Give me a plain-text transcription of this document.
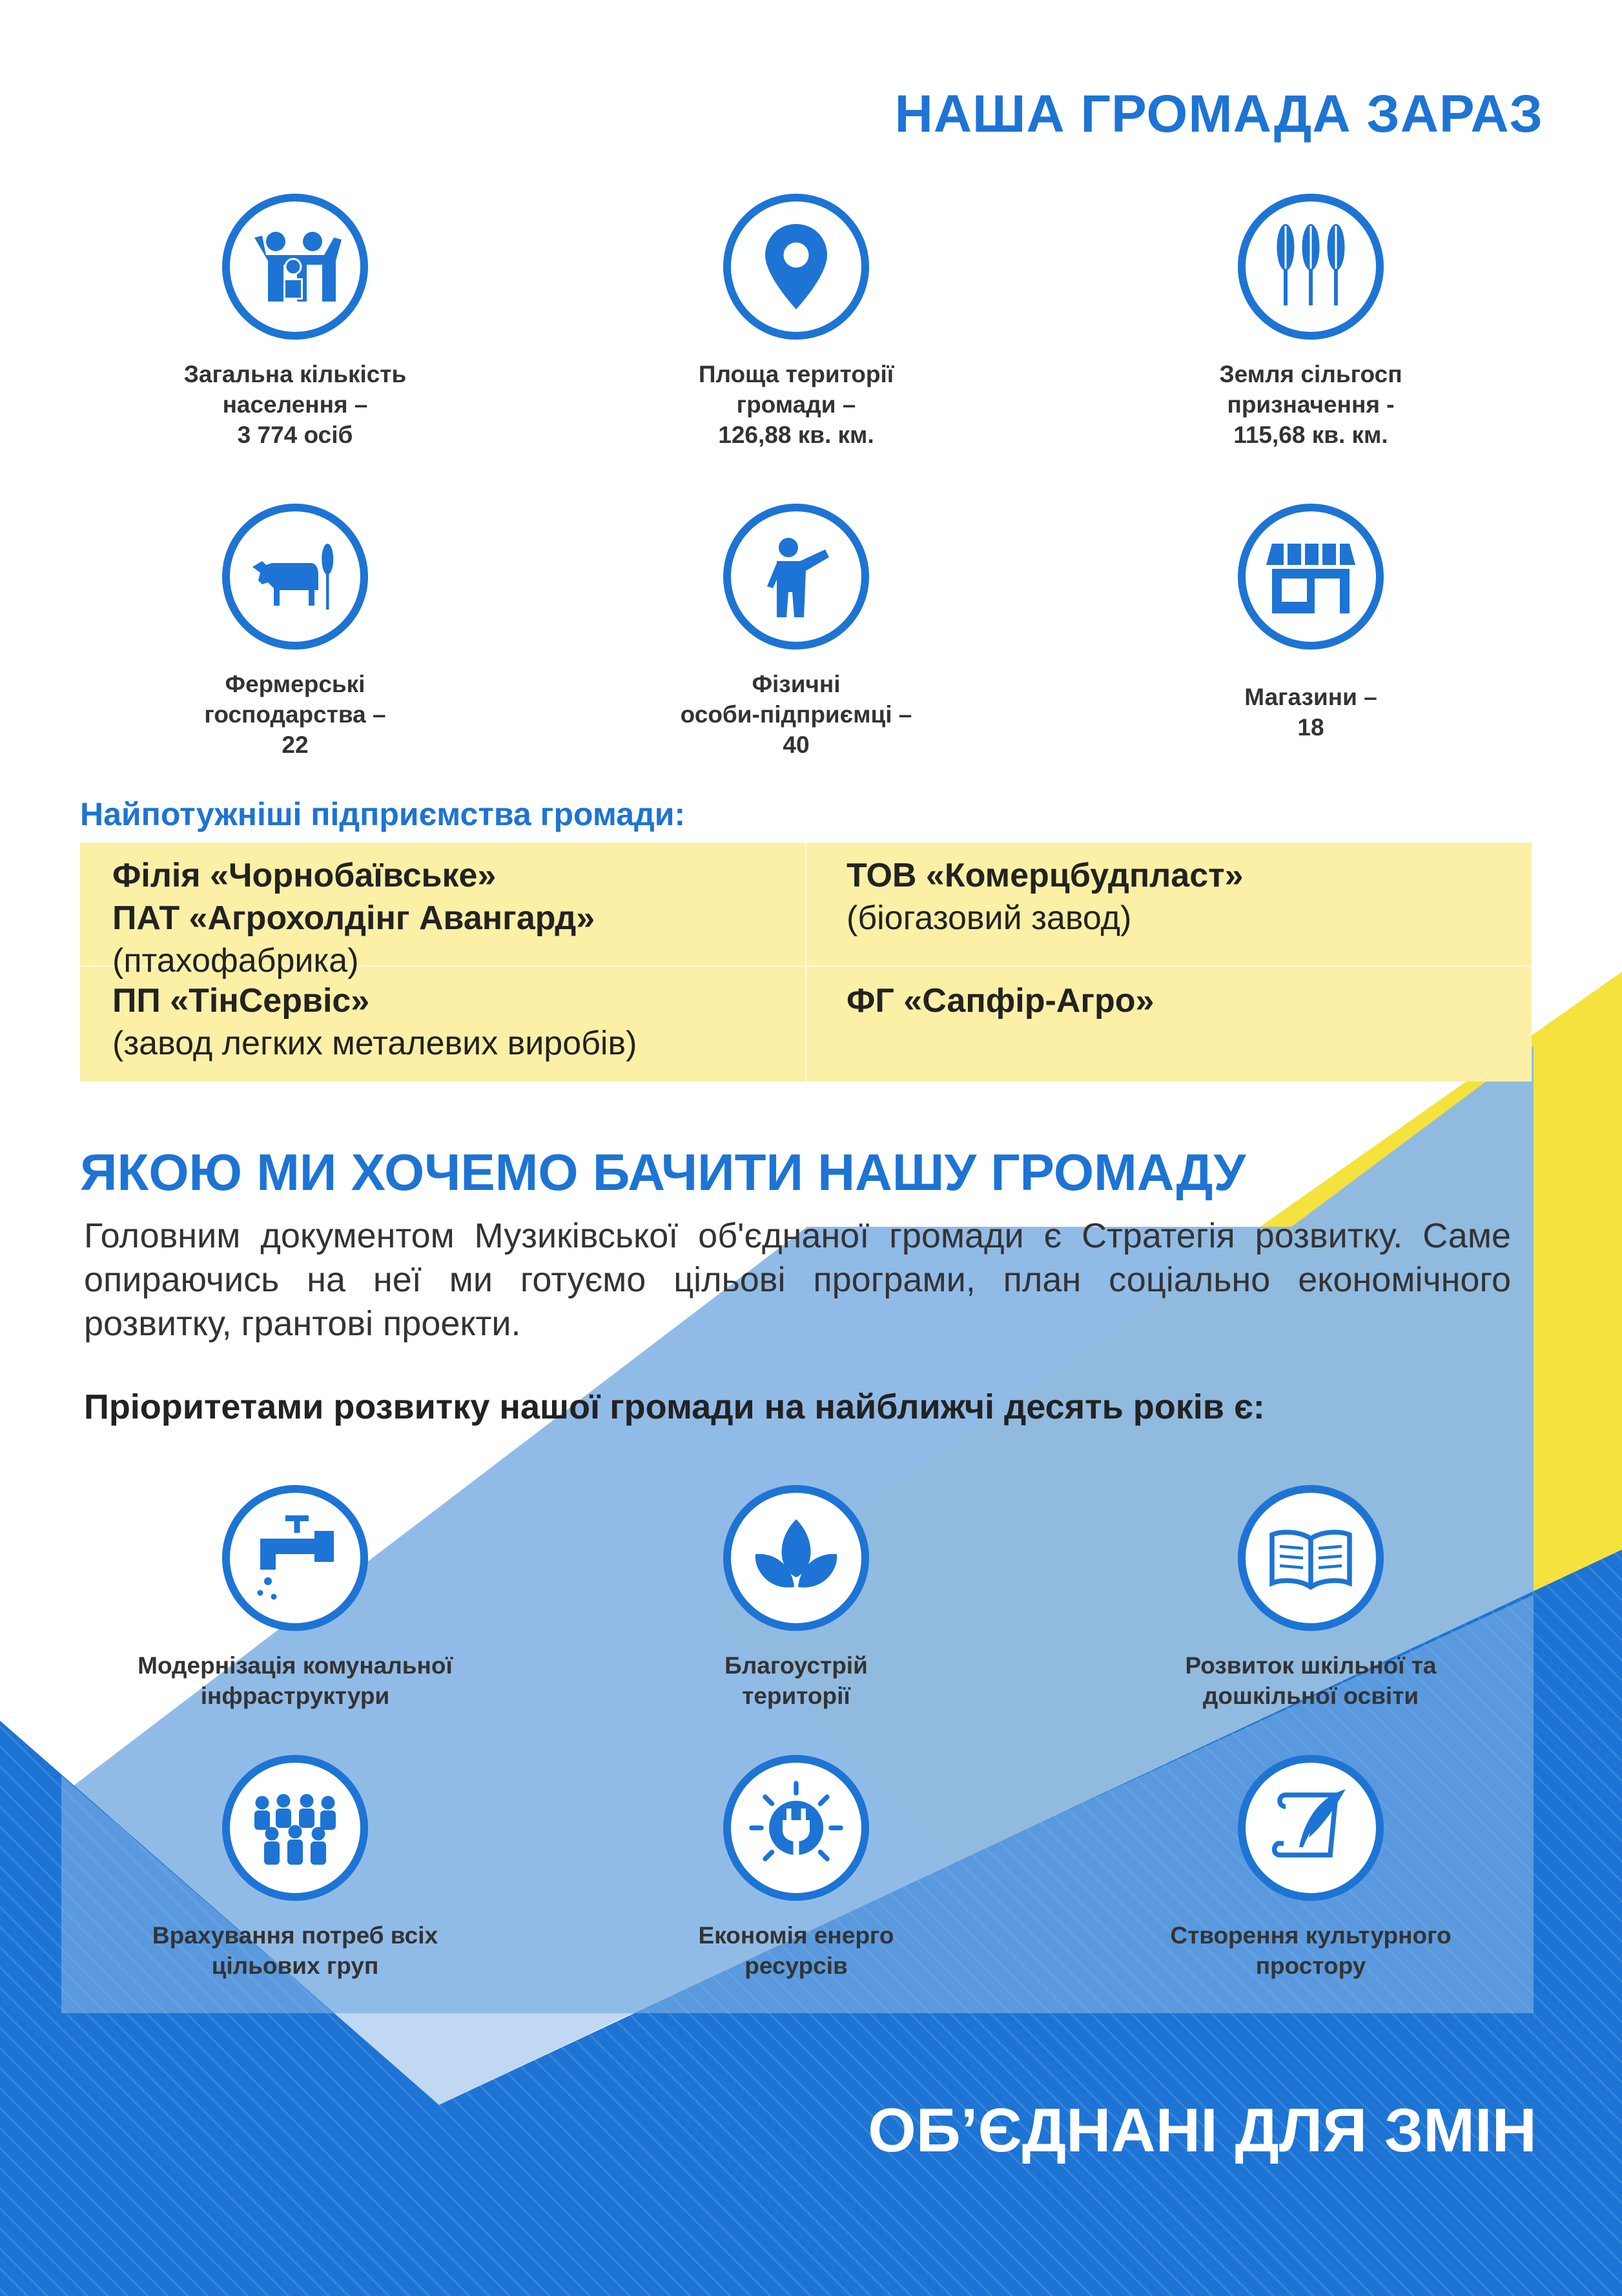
НАША ГРОМАДА ЗАРАЗ
Загальна кількість
населення –
3 774 осіб
Площа території
громади –
126,88 кв. км.
Земля сільгосп
призначення -
115,68 кв. км.
Фермерські
господарства –
22
Фізичні
особи-підприємці –
40
Магазини –
18
Найпотужніші підприємства громади:
Філія «Чорнобаївське»
ПАТ «Агрохолдінг Авангард»
(птахофабрика)
ТОВ «Комерцбудпласт»
(біогазовий завод)
ПП «ТінСервіс»
(завод легких металевих виробів)
ФГ «Сапфір-Агро»
ЯКОЮ МИ ХОЧЕМО БАЧИТИ НАШУ ГРОМАДУ
Головним документом Музиківської об'єднаної громади є Стратегія розвитку. Саме
опираючись на неї ми готуємо цільові програми, план соціально економічного
розвитку, грантові проекти.
Пріоритетами розвитку нашої громади на найближчі десять років є:
Модернізація комунальної
інфраструктури
Благоустрій
території
Розвиток шкільної та
дошкільної освіти
Врахування потреб всіх
цільових груп
Економія енерго
ресурсів
Створення культурного
простору
ОБ’ЄДНАНІ ДЛЯ ЗМІН
